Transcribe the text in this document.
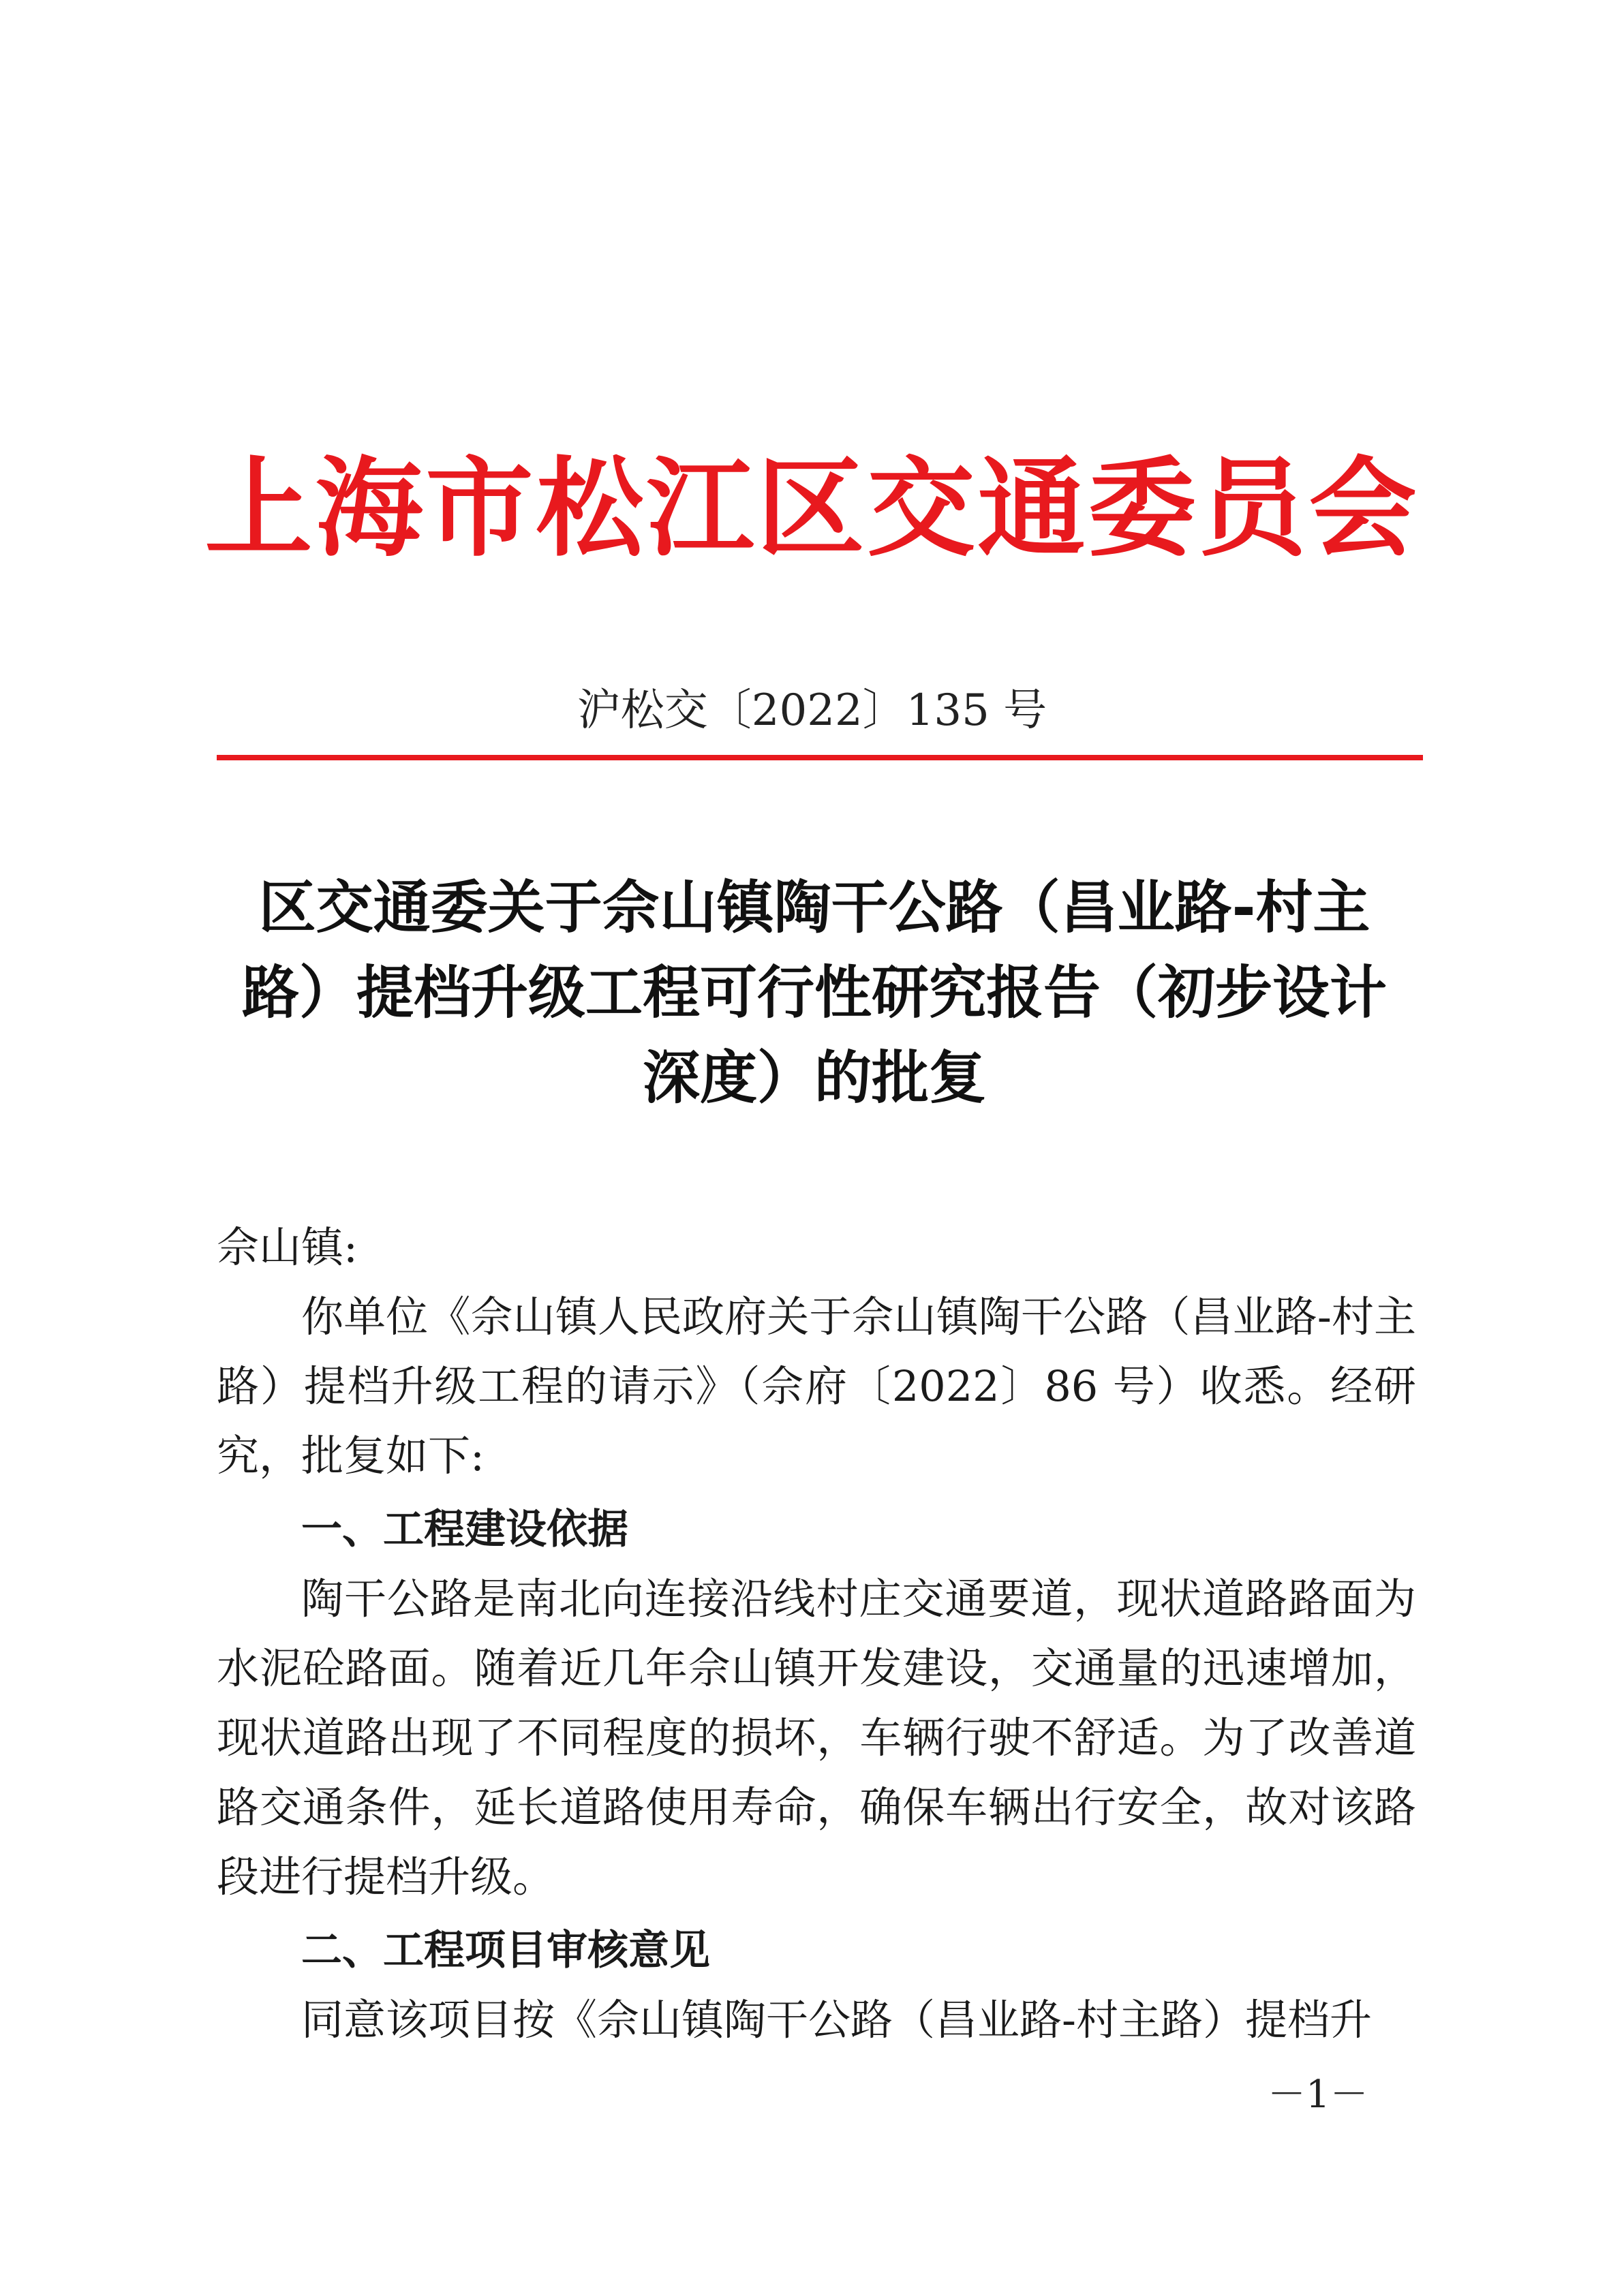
上海市松江区交通委员会
沪松交〔2022〕135 号
区交通委关于佘山镇陶干公路（昌业路-村主
路）提档升级工程可行性研究报告（初步设计
深度）的批复

佘山镇:

你单位《佘山镇人民政府关于佘山镇陶干公路（昌业路-村主路）提档升级工程的请示》（佘府〔2022〕86 号）收悉。经研究，批复如下:

一、工程建设依据

陶干公路是南北向连接沿线村庄交通要道，现状道路路面为水泥砼路面。随着近几年佘山镇开发建设，交通量的迅速增加，现状道路出现了不同程度的损坏，车辆行驶不舒适。为了改善道路交通条件，延长道路使用寿命，确保车辆出行安全，故对该路段进行提档升级。

二、工程项目审核意见

同意该项目按《佘山镇陶干公路（昌业路-村主路）提档升

－1－
